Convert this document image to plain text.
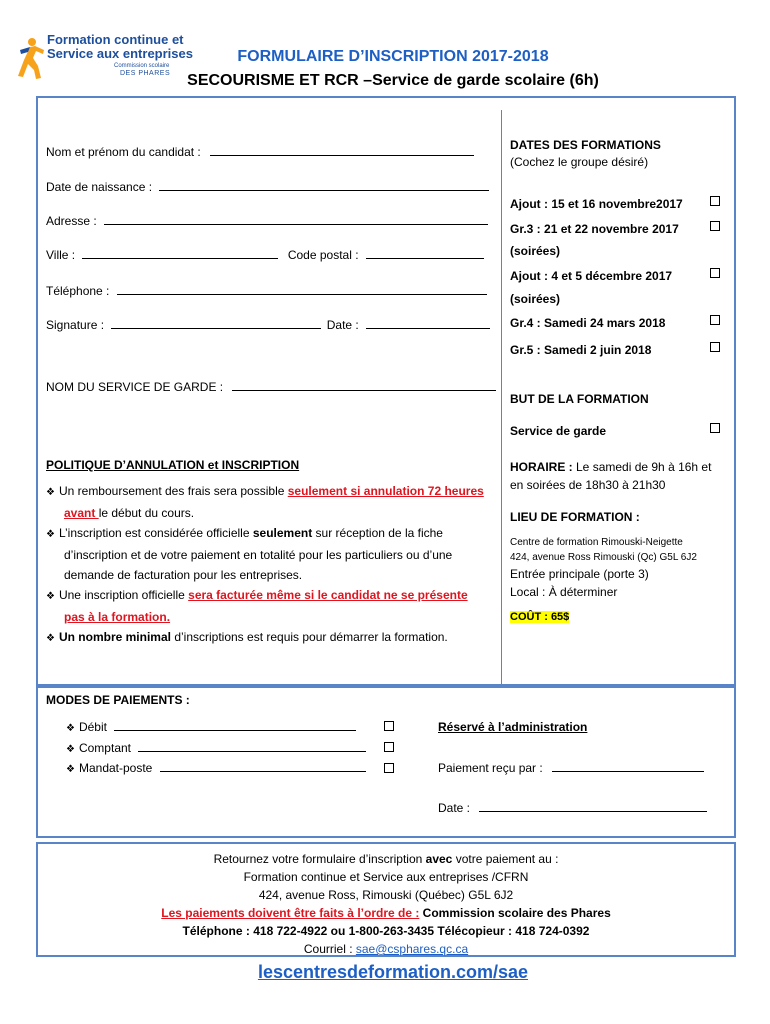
Formation continue et
Service aux entreprises
Commission scolaire
DES PHARES
FORMULAIRE D’INSCRIPTION 2017-2018
SECOURISME ET RCR –Service de garde scolaire (6h)
Nom et prénom du candidat :
Date de naissance :
Adresse :
Ville :	Code postal :
Téléphone :
Signature :	Date :
NOM DU SERVICE DE GARDE :
POLITIQUE D’ANNULATION et INSCRIPTION
❖ Un remboursement des frais sera possible seulement si annulation 72 heures
avant le début du cours.
❖ L’inscription est considérée officielle seulement sur réception de la fiche
d’inscription et de votre paiement en totalité pour les particuliers ou d’une
demande de facturation pour les entreprises.
❖ Une inscription officielle sera facturée même si le candidat ne se présente
pas à la formation.
❖ Un nombre minimal d’inscriptions est requis pour démarrer la formation.
DATES DES FORMATIONS
(Cochez le groupe désiré)
Ajout : 15 et 16 novembre2017
Gr.3 : 21 et 22 novembre 2017
(soirées)
Ajout : 4 et 5 décembre 2017
(soirées)
Gr.4 : Samedi 24 mars 2018
Gr.5 : Samedi 2 juin 2018
BUT DE LA FORMATION
Service de garde
HORAIRE : Le samedi de 9h à 16h et
en soirées de 18h30 à 21h30
LIEU DE FORMATION :
Centre de formation Rimouski-Neigette
424, avenue Ross Rimouski (Qc) G5L 6J2
Entrée principale (porte 3)
Local : À déterminer
COÛT : 65$
MODES DE PAIEMENTS :
❖ Débit
❖ Comptant
❖ Mandat-poste
Réservé à l’administration
Paiement reçu par :
Date :
Retournez votre formulaire d’inscription avec votre paiement au :
Formation continue et Service aux entreprises /CFRN
424, avenue Ross, Rimouski (Québec) G5L 6J2
Les paiements doivent être faits à l’ordre de : Commission scolaire des Phares
Téléphone : 418 722-4922 ou 1-800-263-3435 Télécopieur : 418 724-0392
Courriel : sae@csphares.qc.ca
lescentresdeformation.com/sae
